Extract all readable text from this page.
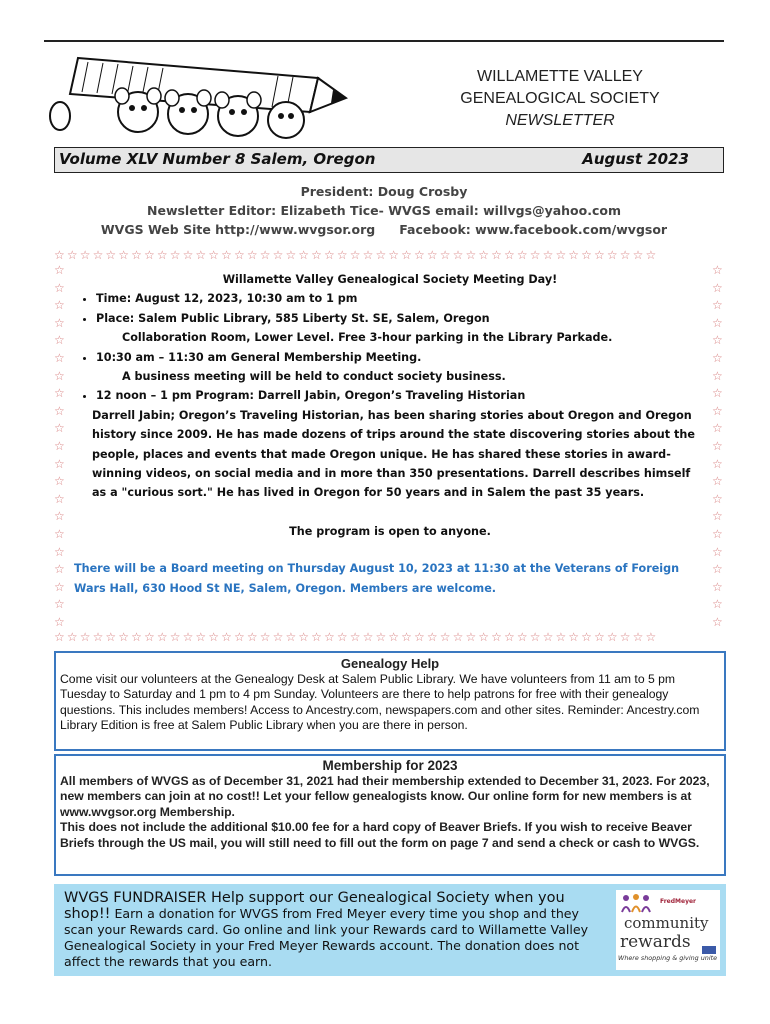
WILLAMETTE VALLEY
GENEALOGICAL SOCIETY
NEWSLETTER
Volume XLV Number 8 Salem, Oregon	August 2023
President: Doug Crosby
Newsletter Editor: Elizabeth Tice- WVGS email: willvgs@yahoo.com
WVGS Web Site http://www.wvgsor.org Facebook: www.facebook.com/wvgsor
☆☆☆☆☆☆☆☆☆☆☆☆☆☆☆☆☆☆☆☆☆☆☆☆☆☆☆☆☆☆☆☆☆☆☆☆☆☆☆☆☆☆☆☆☆☆☆
☆☆☆☆☆☆☆☆☆☆☆☆☆☆☆☆☆☆☆☆☆☆☆☆☆☆☆☆☆☆☆☆☆☆☆☆☆☆☆☆☆☆☆☆☆☆☆
☆
☆
☆
☆
☆
☆
☆
☆
☆
☆
☆
☆
☆
☆
☆
☆
☆
☆
☆
☆
☆
☆
☆
☆
☆
☆
☆
☆
☆
☆
☆
☆
☆
☆
☆
☆
☆
☆
☆
☆
☆
☆
Willamette Valley Genealogical Society Meeting Day!
• Time: August 12, 2023, 10:30 am to 1 pm
• Place: Salem Public Library, 585 Liberty St. SE, Salem, Oregon
Collaboration Room, Lower Level. Free 3-hour parking in the Library Parkade.
• 10:30 am – 11:30 am General Membership Meeting.
A business meeting will be held to conduct society business.
• 12 noon – 1 pm Program: Darrell Jabin, Oregon’s Traveling Historian
Darrell Jabin; Oregon’s Traveling Historian, has been sharing stories about Oregon and Oregon history since 2009. He has made dozens of trips around the state discovering stories about the people, places and events that made Oregon unique. He has shared these stories in award-winning videos, on social media and in more than 350 presentations. Darrell describes himself as a "curious sort." He has lived in Oregon for 50 years and in Salem the past 35 years.
The program is open to anyone.
There will be a Board meeting on Thursday August 10, 2023 at 11:30 at the Veterans of Foreign Wars Hall, 630 Hood St NE, Salem, Oregon. Members are welcome.
Genealogy Help
Come visit our volunteers at the Genealogy Desk at Salem Public Library. We have volunteers from 11 am to 5 pm Tuesday to Saturday and 1 pm to 4 pm Sunday. Volunteers are there to help patrons for free with their genealogy questions. This includes members! Access to Ancestry.com, newspapers.com and other sites. Reminder: Ancestry.com Library Edition is free at Salem Public Library when you are there in person.
Membership for 2023
All members of WVGS as of December 31, 2021 had their membership extended to December 31, 2023. For 2023, new members can join at no cost!! Let your fellow genealogists know. Our online form for new members is at www.wvgsor.org Membership.
This does not include the additional $10.00 fee for a hard copy of Beaver Briefs. If you wish to receive Beaver Briefs through the US mail, you will still need to fill out the form on page 7 and send a check or cash to WVGS.
WVGS FUNDRAISER Help support our Genealogical Society when you shop!! Earn a donation for WVGS from Fred Meyer every time you shop and they scan your Rewards card. Go online and link your Rewards card to Willamette Valley Genealogical Society in your Fred Meyer Rewards account. The donation does not affect the rewards that you earn.
FredMeyer
community
rewards
Where shopping & giving unite
